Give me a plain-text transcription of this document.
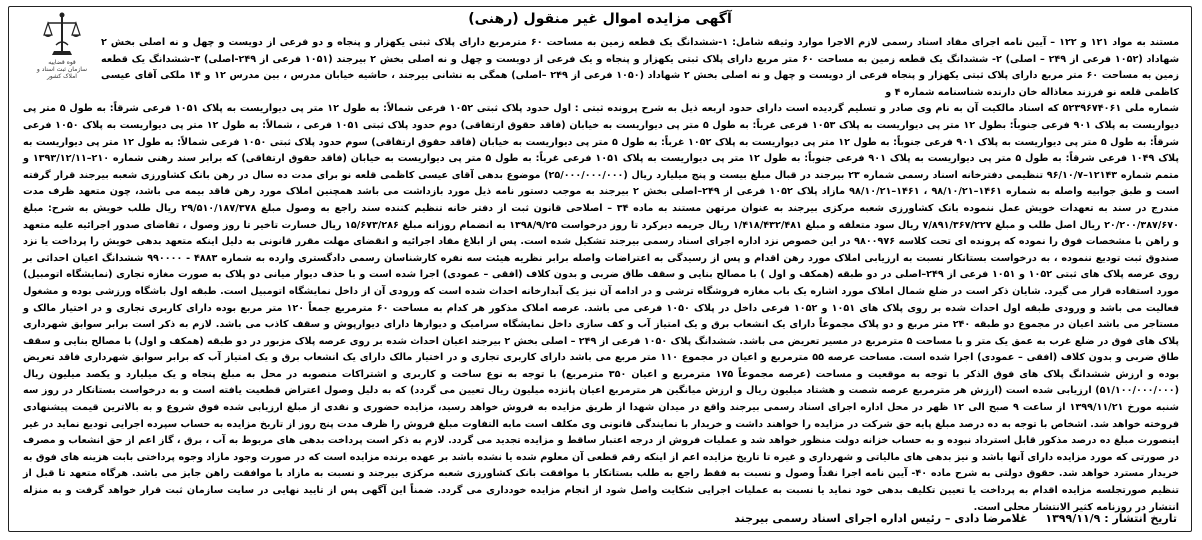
آگهی مزایده اموال غیر منقول (رهنی)
قوه قضاییه
سازمان ثبت اسناد و املاک کشور
مستند به مواد ۱۲۱ و ۱۲۲ – آیین نامه اجرای مفاد اسناد رسمی لازم الاجرا موارد وثیقه شامل: ۱-ششدانگ یک قطعه زمین به مساحت ۶۰ مترمربع دارای پلاک ثبتی یکهزار و پنجاه و دو فرعی از دویست و چهل و نه اصلی بخش ۲ شهاداد (۱۰۵۲ فرعی از ۲۴۹ – اصلی) ۲- ششدانگ یک قطعه زمین به مساحت ۶۰ متر مربع دارای پلاک ثبتی یکهزار و پنجاه و یک فرعی از دویست و چهل و نه اصلی بخش ۲ بیرجند (۱۰۵۱ فرعی از ۲۴۹-اصلی) ۳-ششدانگ یک قطعه زمین به مساحت ۶۰ متر مربع دارای پلاک ثبتی یکهزار و پنجاه فرعی از دویست و چهل و نه اصلی بخش ۲ شهاداد (۱۰۵۰ فرعی از ۲۴۹ –اصلی) همگی به نشانی بیرجند ، حاشیه خیابان مدرس ، بین مدرس ۱۲ و ۱۴ ملکی آقای عیسی کاظمی قلعه نو فرزند معاذاله خان دارنده شناسنامه شماره ۴ و
شماره ملی ۵۲۳۹۶۷۴۰۶۱ که اسناد مالکیت آن به نام وی صادر و تسلیم گردیده است دارای حدود اربعه ذیل به شرح پرونده ثبتی : اول حدود پلاک ثبتی ۱۰۵۲ فرعی شمالاً: به طول ۱۲ متر پی دیواریست به پلاک ۱۰۵۱ فرعی شرقاً: به طول ۵ متر پی دیواریست به پلاک ۹۰۱ فرعی جنوباً: بطول ۱۲ متر پی دیواریست به پلاک ۱۰۵۳ فرعی غرباً: به طول ۵ متر پی دیواریست به خیابان (فاقد حقوق ارتفاقی) دوم حدود پلاک ثبتی ۱۰۵۱ فرعی ، شمالاً: به طول ۱۲ متر پی دیواریست به پلاک ۱۰۵۰ فرعی شرقاً: به طول ۵ متر پی دیواریست به پلاک ۹۰۱ فرعی جنوباً: به طول ۱۲ متر پی دیواریست به پلاک ۱۰۵۲ غرباً: به طول ۵ متر پی دیواریست به خیابان (فاقد حقوق ارتفاقی) سوم حدود پلاک ثبتی ۱۰۵۰ فرعی شمالاً: به طول ۱۲ متر پی دیواریست به پلاک ۱۰۴۹ فرعی شرقاً: به طول ۵ متر پی دیواریست به پلاک ۹۰۱ فرعی جنوباً: به طول ۱۲ متر پی دیواریست به پلاک ۱۰۵۱ فرعی غرباً: به طول ۵ متر پی دیواریست به خیابان (فاقد حقوق ارتفاقی) که برابر سند رهنی شماره ۲۱۰–۱۳۹۳/۱۲/۱۱ و متمم شماره ۱۲۱۴۳–۹۶/۱۰/۷ تنظیمی دفترخانه اسناد رسمی شماره ۲۳ بیرجند در قبال مبلغ بیست و پنج میلیارد ریال (۲۵/۰۰۰/۰۰۰/۰۰۰) موضوع بدهی آقای عیسی کاظمی قلعه نو برای مدت ده سال در رهن بانک کشاورزی شعبه بیرجند قرار گرفته است و طبق جوابیه واصله به شماره ۱۴۶۱–۹۸/۱۰/۲۱ ، ۱۴۶۱–۹۸/۱۰/۲۱ مازاد پلاک ۱۰۵۲ فرعی از ۲۴۹–اصلی بخش ۲ بیرجند به موجب دستور نامه ذیل مورد بازداشت می باشد همچنین املاک مورد رهن فاقد بیمه می باشد، چون متعهد ظرف مدت مندرج در سند به تعهدات خویش عمل ننموده بانک کشاورزی شعبه مرکزی بیرجند به عنوان مرتهن مستند به ماده ۳۴ – اصلاحی قانون ثبت از دفتر خانه تنظیم کننده سند راجع به وصول مبلغ ۲۹/۵۱۰/۱۸۷/۳۷۸ ریال طلب خویش به شرح: مبلغ ۲۰/۲۰۰/۳۸۷/۶۷۰ ریال اصل طلب و مبلغ ۷/۸۹۱/۳۶۷/۲۲۷ ریال سود متعلقه و مبلغ ۱/۴۱۸/۴۳۲/۴۸۱ ریال جریمه دیرکرد تا روز درخواست ۱۳۹۸/۹/۲۵ به انضمام روزانه مبلغ ۱۵/۶۷۳/۲۸۶ ریال خسارت تاخیر تا روز وصول ، تقاضای صدور اجرائیه علیه متعهد و راهن با مشخصات فوق را نموده که پرونده ای تحت کلاسه ۹۸۰۰۹۷۶ در این خصوص نزد اداره اجرای اسناد رسمی بیرجند تشکیل شده است. پس از ابلاغ مفاد اجرائیه و انقضای مهلت مقرر قانونی به دلیل اینکه متعهد بدهی خویش را پرداخت یا نزد صندوق ثبت تودیع ننموده ، به درخواست بستانکار نسبت به ارزیابی املاک مورد رهن اقدام و پس از رسیدگی به اعتراضات واصله برابر نظریه هیئت سه نفره کارشناسان رسمی دادگستری وارده به شماره ۴۸۸۳ - ۹۹۰۰۰۰ ششدانگ اعیان احداثی بر روی عرصه پلاک های ثبتی ۱۰۵۲ و ۱۰۵۱ فرعی از ۲۴۹–اصلی در دو طبقه (همکف و اول ) با مصالح بنایی و سقف طاق ضربی و بدون کلاف (افقی – عمودی) اجرا شده است و با حذف دیوار میانی دو پلاک به صورت مغازه تجاری (نمایشگاه اتومبیل) مورد استفاده قرار می گیرد. شایان ذکر است در ضلع شمال املاک مورد اشاره یک باب مغازه فروشگاه ترشی و در ادامه آن نیز یک آبدارخانه احداث شده است که ورودی آن از داخل نمایشگاه اتومبیل است. طبقه اول باشگاه ورزشی بوده و مشغول فعالیت می باشد و ورودی طبقه اول احداث شده بر روی پلاک های ۱۰۵۱ و ۱۰۵۲ فرعی داخل در پلاک ۱۰۵۰ فرعی می باشد. عرصه املاک مذکور هر کدام به مساحت ۶۰ مترمربع جمعاً ۱۲۰ متر مربع بوده دارای کاربری تجاری و در اختیار مالک و مستاجر می باشد اعیان در مجموع دو طبقه ۲۴۰ متر مربع و دو پلاک مجموعاً دارای یک انشعاب برق و یک امتیاز آب و کف سازی داخل نمایشگاه سرامیک و دیوارها دارای دیوارپوش و سقف کاذب می باشد. لازم به ذکر است برابر سوابق شهرداری پلاک های فوق در ضلع غرب به عمق یک متر و با مساحت ۵ مترمربع در مسیر تعریض می باشد. ششدانگ پلاک ۱۰۵۰ فرعی از ۲۴۹ – اصلی بخش ۲ بیرجند اعیان احداث شده بر روی عرصه پلاک مزبور در دو طبقه (همکف و اول) با مصالح بنایی و سقف طاق ضربی و بدون کلاف (افقی – عمودی) اجرا شده است. مساحت عرصه ۵۵ مترمربع و اعیان در مجموع ۱۱۰ متر مربع می باشد دارای کاربری تجاری و در اختیار مالک دارای یک انشعاب برق و یک امتیاز آب که برابر سوابق شهرداری فاقد تعریض بوده و ارزش ششدانگ پلاک های فوق الذکر با توجه به موقعیت و مساحت (عرصه مجموعاً ۱۷۵ مترمربع و اعیان ۳۵۰ مترمربع) با توجه به نوع ساخت و کاربری و اشتراکات منصوبه در محل به مبلغ پنجاه و یک میلیارد و یکصد میلیون ریال (۵۱/۱۰۰/۰۰۰/۰۰۰) ارزیابی شده است (ارزش هر مترمربع عرصه شصت و هشتاد میلیون ریال و ارزش میانگین هر مترمربع اعیان پانزده میلیون ریال تعیین می گردد) که به دلیل وصول اعتراض قطعیت یافته است و به درخواست بستانکار در روز سه شنبه مورخ ۱۳۹۹/۱۱/۲۱ از ساعت ۹ صبح الی ۱۲ ظهر در محل اداره اجرای اسناد رسمی بیرجند واقع در میدان شهدا از طریق مزایده به فروش خواهد رسید، مزایده حضوری و نقدی از مبلغ ارزیابی شده فوق شروع و به بالاترین قیمت پیشنهادی فروخته خواهد شد. اشخاص با توجه به ده درصد مبلغ پایه حق شرکت در مزایده را خواهند داشت و خریدار با نمایندگی قانونی وی مکلف است مابه التفاوت مبلغ فروش را ظرف مدت پنج روز از تاریخ مزایده به حساب سپرده اجرایی تودیع نماید در غیر اینصورت مبلغ ده درصد مذکور قابل استرداد نبوده و به حساب خزانه دولت منظور خواهد شد و عملیات فروش از درجه اعتبار ساقط و مزایده تجدید می گردد. لازم به ذکر است پرداخت بدهی های مربوط به آب ، برق ، گاز اعم از حق انشعاب و مصرف در صورتی که مورد مزایده دارای آنها باشد و نیز بدهی های مالیاتی و شهرداری و غیره تا تاریخ مزایده اعم از اینکه رقم قطعی آن معلوم شده یا نشده باشد بر عهده برنده مزایده است که در صورت وجود مازاد وجوه پرداختی بابت هزینه های فوق به خریدار مسترد خواهد شد. حقوق دولتی به شرح ماده ۴۰- آیین نامه اجرا نقداً وصول و نسبت به فقط راجع به طلب بستانکار با موافقت بانک کشاورزی شعبه مرکزی بیرجند و نسبت به مازاد با موافقت راهن جایز می باشد. هرگاه متعهد تا قبل از تنظیم صورتجلسه مزایده اقدام به پرداخت یا تعیین تکلیف بدهی خود نماید یا نسبت به عملیات اجرایی شکایت واصل شود از انجام مزایده خودداری می گردد. ضمناً این آگهی پس از تایید نهایی در سایت سازمان ثبت قرار خواهد گرفت و به منزله انتشار در روزنامه کثیر الانتشار محلی است.
تاریخ انتشار : ۱۳۹۹/۱۱/۹ غلامرضا دادی – رئیس اداره اجرای اسناد رسمی بیرجند
